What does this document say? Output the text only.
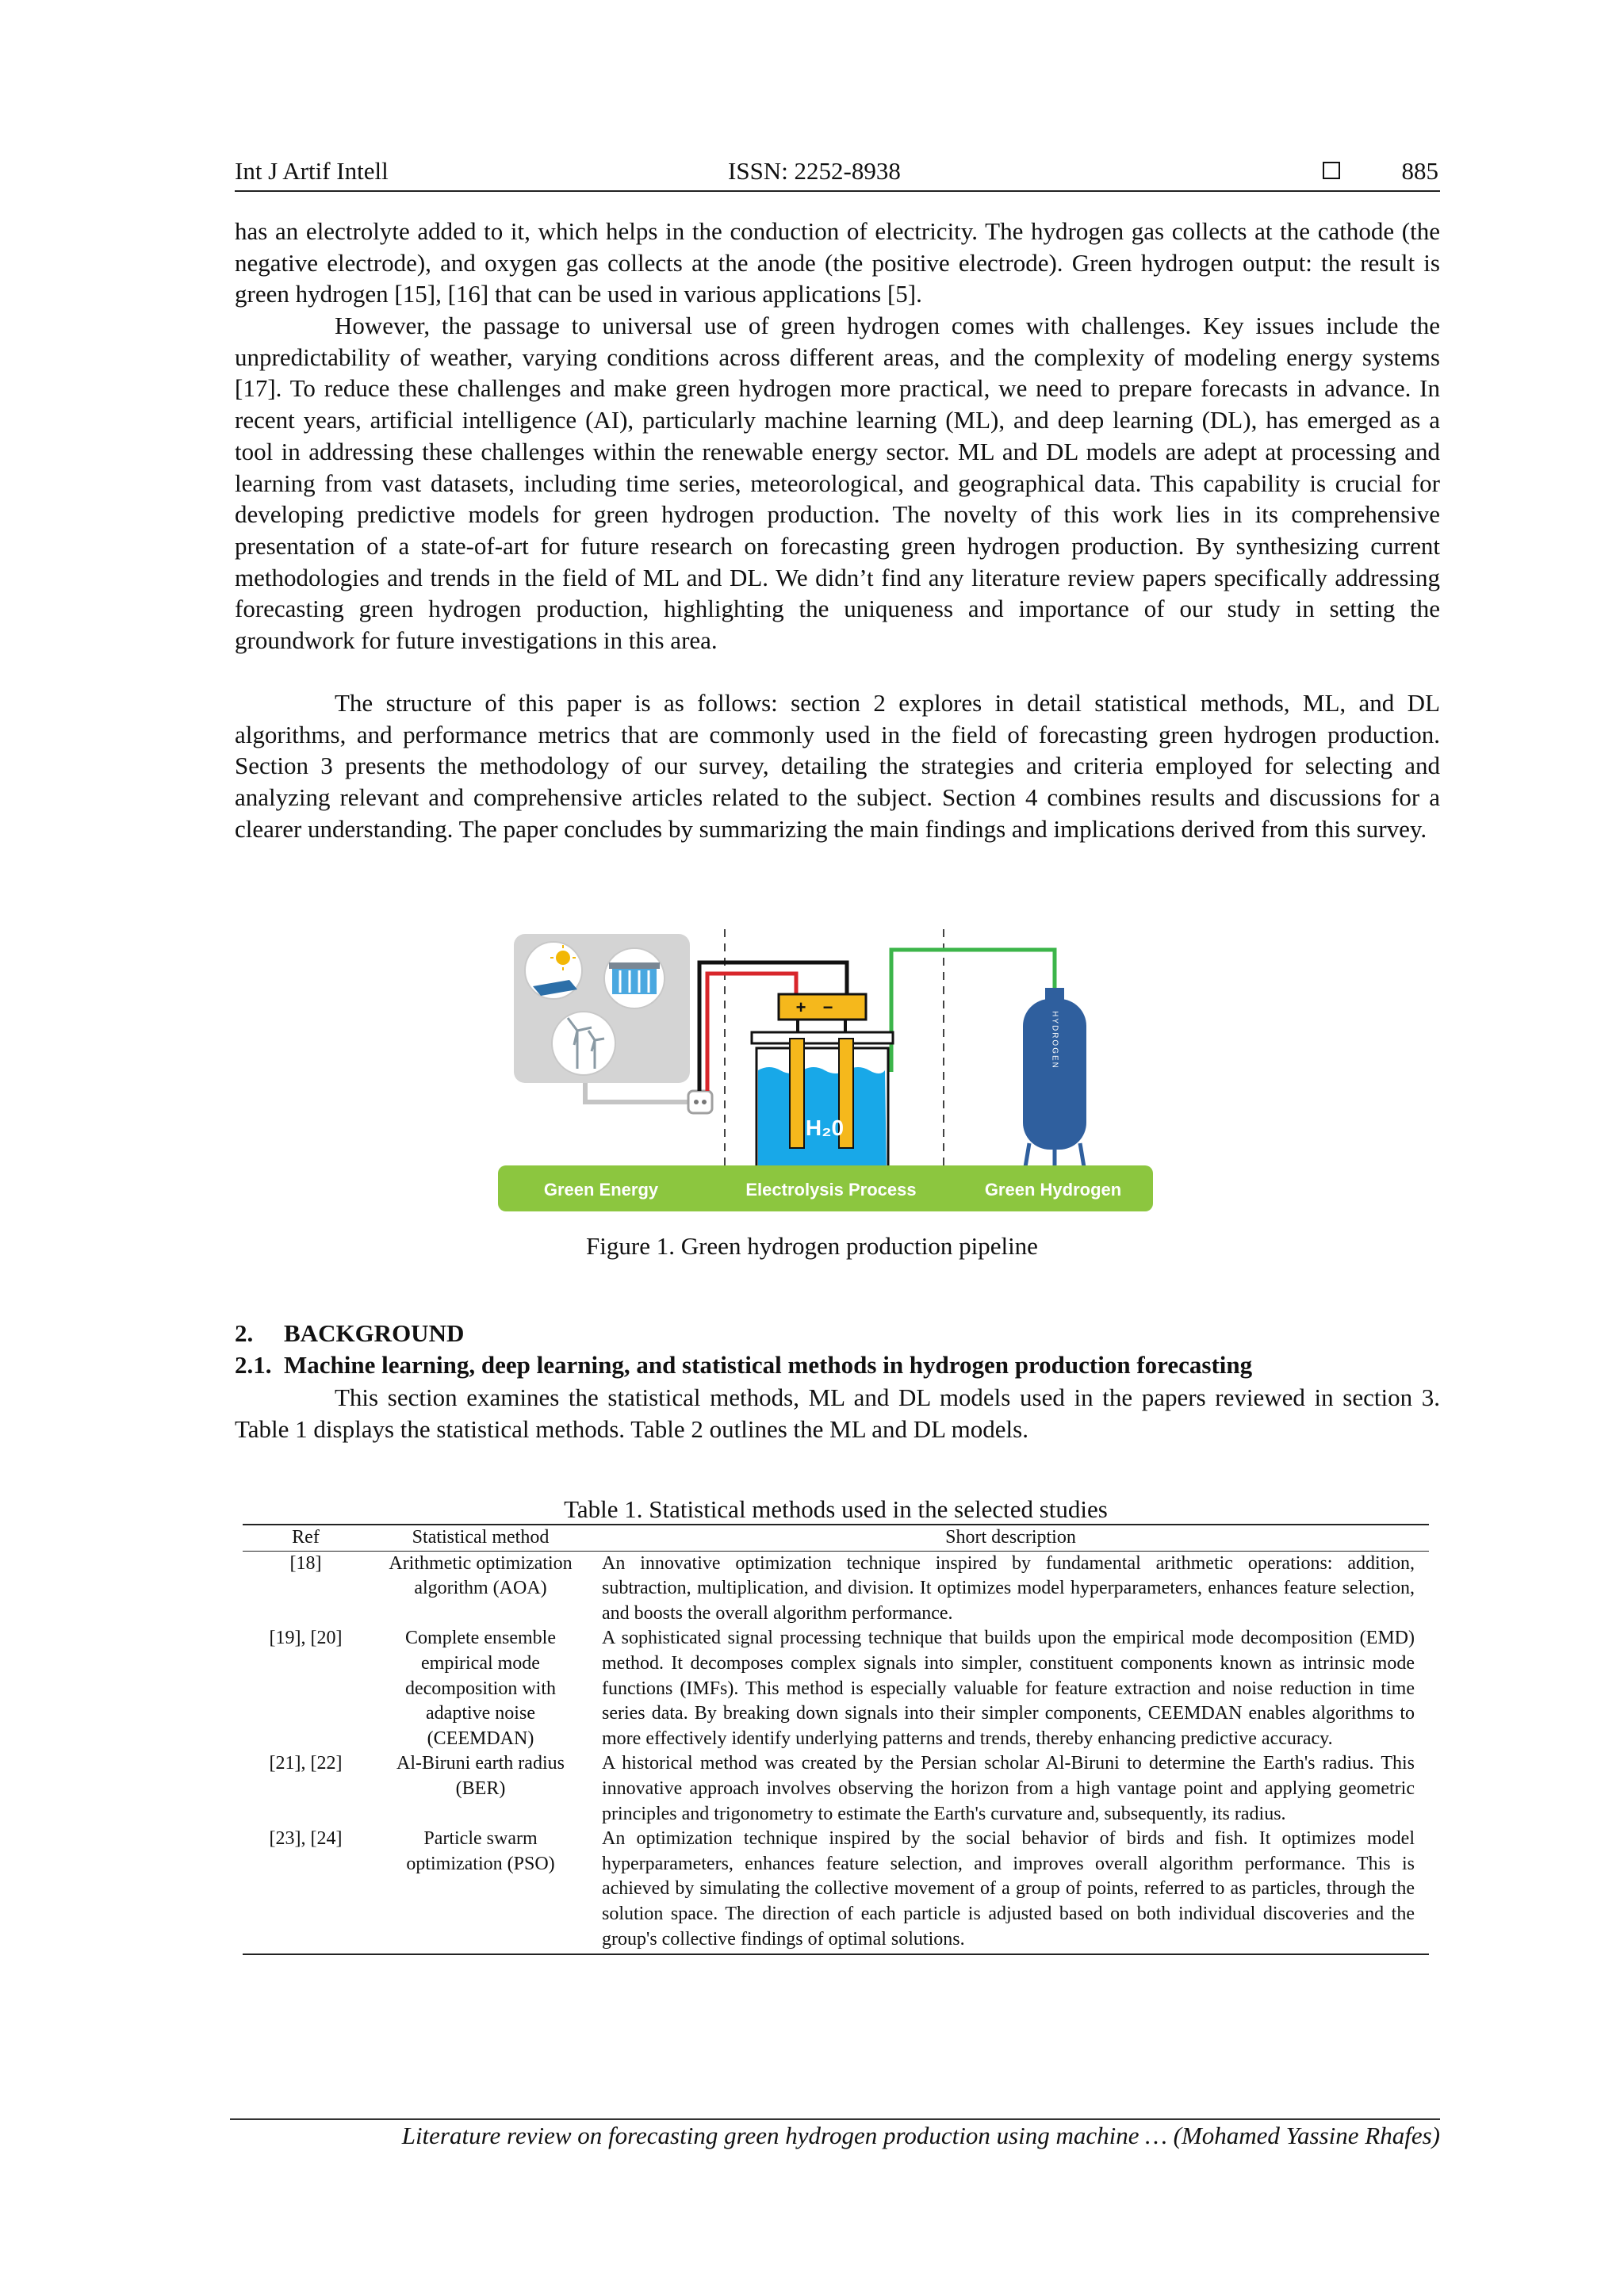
Int J Artif Intell	ISSN: 2252-8938	885

has an electrolyte added to it, which helps in the conduction of electricity. The hydrogen gas collects at the cathode (the negative electrode), and oxygen gas collects at the anode (the positive electrode). Green hydrogen output: the result is green hydrogen [15], [16] that can be used in various applications [5].

However, the passage to universal use of green hydrogen comes with challenges. Key issues include the unpredictability of weather, varying conditions across different areas, and the complexity of modeling energy systems [17]. To reduce these challenges and make green hydrogen more practical, we need to prepare forecasts in advance. In recent years, artificial intelligence (AI), particularly machine learning (ML), and deep learning (DL), has emerged as a tool in addressing these challenges within the renewable energy sector. ML and DL models are adept at processing and learning from vast datasets, including time series, meteorological, and geographical data. This capability is crucial for developing predictive models for green hydrogen production. The novelty of this work lies in its comprehensive presentation of a state-of-art for future research on forecasting green hydrogen production. By synthesizing current methodologies and trends in the field of ML and DL. We didn’t find any literature review papers specifically addressing forecasting green hydrogen production, highlighting the uniqueness and importance of our study in setting the groundwork for future investigations in this area.

The structure of this paper is as follows: section 2 explores in detail statistical methods, ML, and DL algorithms, and performance metrics that are commonly used in the field of forecasting green hydrogen production. Section 3 presents the methodology of our survey, detailing the strategies and criteria employed for selecting and analyzing relevant and comprehensive articles related to the subject. Section 4 combines results and discussions for a clearer understanding. The paper concludes by summarizing the main findings and implications derived from this survey.

+ −
H₂0
HYDROGEN
Green Energy	Electrolysis Process	Green Hydrogen
Figure 1. Green hydrogen production pipeline
2.     BACKGROUND
2.1.  Machine learning, deep learning, and statistical methods in hydrogen production forecasting

This section examines the statistical methods, ML and DL models used in the papers reviewed in section 3. Table 1 displays the statistical methods. Table 2 outlines the ML and DL models.

Table 1. Statistical methods used in the selected studies
Ref	Statistical method	Short description
[18]	Arithmetic optimization algorithm (AOA)	An innovative optimization technique inspired by fundamental arithmetic operations: addition, subtraction, multiplication, and division. It optimizes model hyperparameters, enhances feature selection, and boosts the overall algorithm performance.
[19], [20]	Complete ensemble empirical mode decomposition with adaptive noise (CEEMDAN)	A sophisticated signal processing technique that builds upon the empirical mode decomposition (EMD) method. It decomposes complex signals into simpler, constituent components known as intrinsic mode functions (IMFs). This method is especially valuable for feature extraction and noise reduction in time series data. By breaking down signals into their simpler components, CEEMDAN enables algorithms to more effectively identify underlying patterns and trends, thereby enhancing predictive accuracy.
[21], [22]	Al-Biruni earth radius (BER)	A historical method was created by the Persian scholar Al-Biruni to determine the Earth's radius. This innovative approach involves observing the horizon from a high vantage point and applying geometric principles and trigonometry to estimate the Earth's curvature and, subsequently, its radius.
[23], [24]	Particle swarm optimization (PSO)	An optimization technique inspired by the social behavior of birds and fish. It optimizes model hyperparameters, enhances feature selection, and improves overall algorithm performance. This is achieved by simulating the collective movement of a group of points, referred to as particles, through the solution space. The direction of each particle is adjusted based on both individual discoveries and the group's collective findings of optimal solutions.
Literature review on forecasting green hydrogen production using machine … (Mohamed Yassine Rhafes)
